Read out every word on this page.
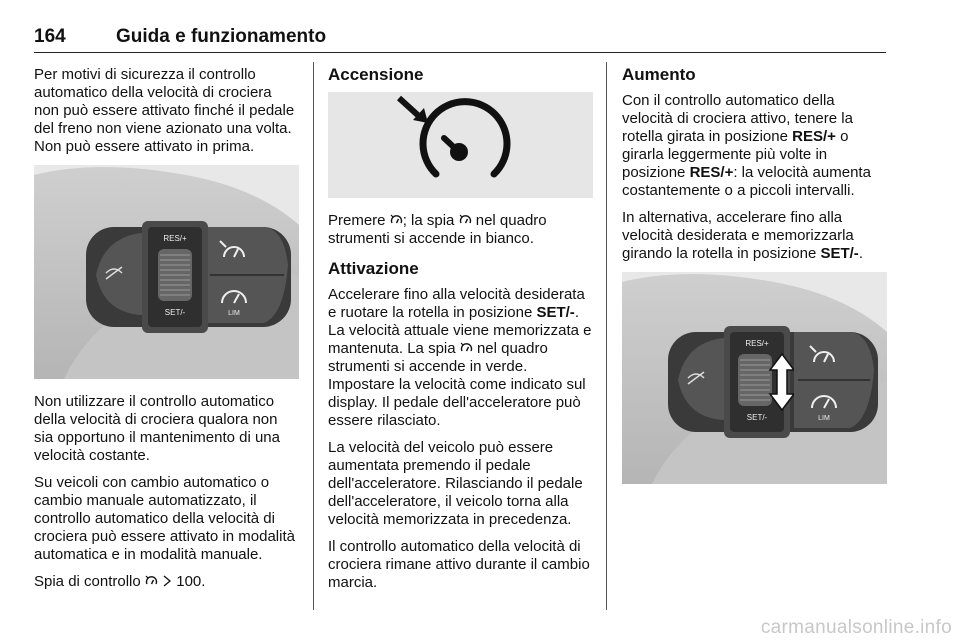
164	Guida e funzionamento

Per motivi di sicurezza il controllo automatico della velocità di crociera non può essere attivato finché il pedale del freno non viene azionato una volta. Non può essere attivato in prima.

RES/+
SET/-	LIM

Non utilizzare il controllo automatico della velocità di crociera qualora non sia opportuno il mantenimento di una velocità costante.

Su veicoli con cambio automatico o cambio manuale automatizzato, il controllo automatico della velocità di crociera può essere attivato in modalità automatica e in modalità manuale.

Spia di controllo 100.

Accensione

Premere ; la spia nel quadro strumenti si accende in bianco.

Attivazione

Accelerare fino alla velocità desiderata e ruotare la rotella in posizione SET/-. La velocità attuale viene memorizzata e mantenuta. La spia nel quadro strumenti si accende in verde. Impostare la velocità come indicato sul display. Il pedale dell'acceleratore può essere rilasciato.

La velocità del veicolo può essere aumentata premendo il pedale dell'acceleratore. Rilasciando il pedale dell'acceleratore, il veicolo torna alla velocità memorizzata in precedenza.

Il controllo automatico della velocità di crociera rimane attivo durante il cambio marcia.

Aumento

Con il controllo automatico della velocità di crociera attivo, tenere la rotella girata in posizione RES/+ o girarla leggermente più volte in posizione RES/+: la velocità aumenta costantemente o a piccoli intervalli.

In alternativa, accelerare fino alla velocità desiderata e memorizzarla girando la rotella in posizione SET/-.

RES/+
SET/-	LIM
carmanualsonline.info
